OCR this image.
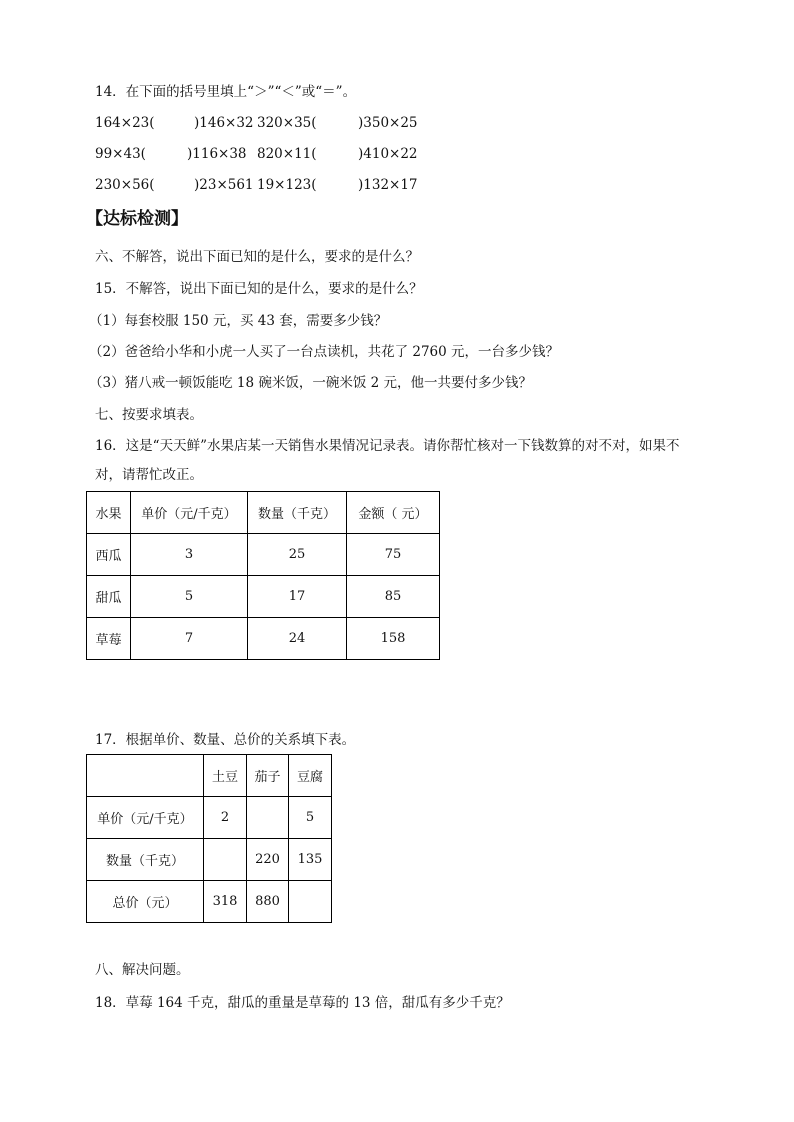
14．在下面的括号里填上“＞”“＜”或“＝”。
164×23(	)146×32 320×35(	)350×25
99×43(	)116×38 820×11(	)410×22
230×56(	)23×561 19×123(	)132×17
【达标检测】
六、不解答，说出下面已知的是什么，要求的是什么？
15．不解答，说出下面已知的是什么，要求的是什么？
（1）每套校服 150 元，买 43 套，需要多少钱？
（2）爸爸给小华和小虎一人买了一台点读机，共花了 2760 元，一台多少钱？
（3）猪八戒一顿饭能吃 18 碗米饭，一碗米饭 2 元，他一共要付多少钱？
七、按要求填表。
16．这是“天天鲜”水果店某一天销售水果情况记录表。请你帮忙核对一下钱数算的对不对，如果不
对，请帮忙改正。
水果	单价（元/千克）	数量（千克）	金额（ 元）
西瓜	3	25	75
甜瓜	5	17	85
草莓	7	24	158
17．根据单价、数量、总价的关系填下表。
	土豆	茄子	豆腐
单价（元/千克）	2		5
数量（千克）		220	135
总价（元）	318	880	
八、解决问题。
18．草莓 164 千克，甜瓜的重量是草莓的 13 倍，甜瓜有多少千克？
